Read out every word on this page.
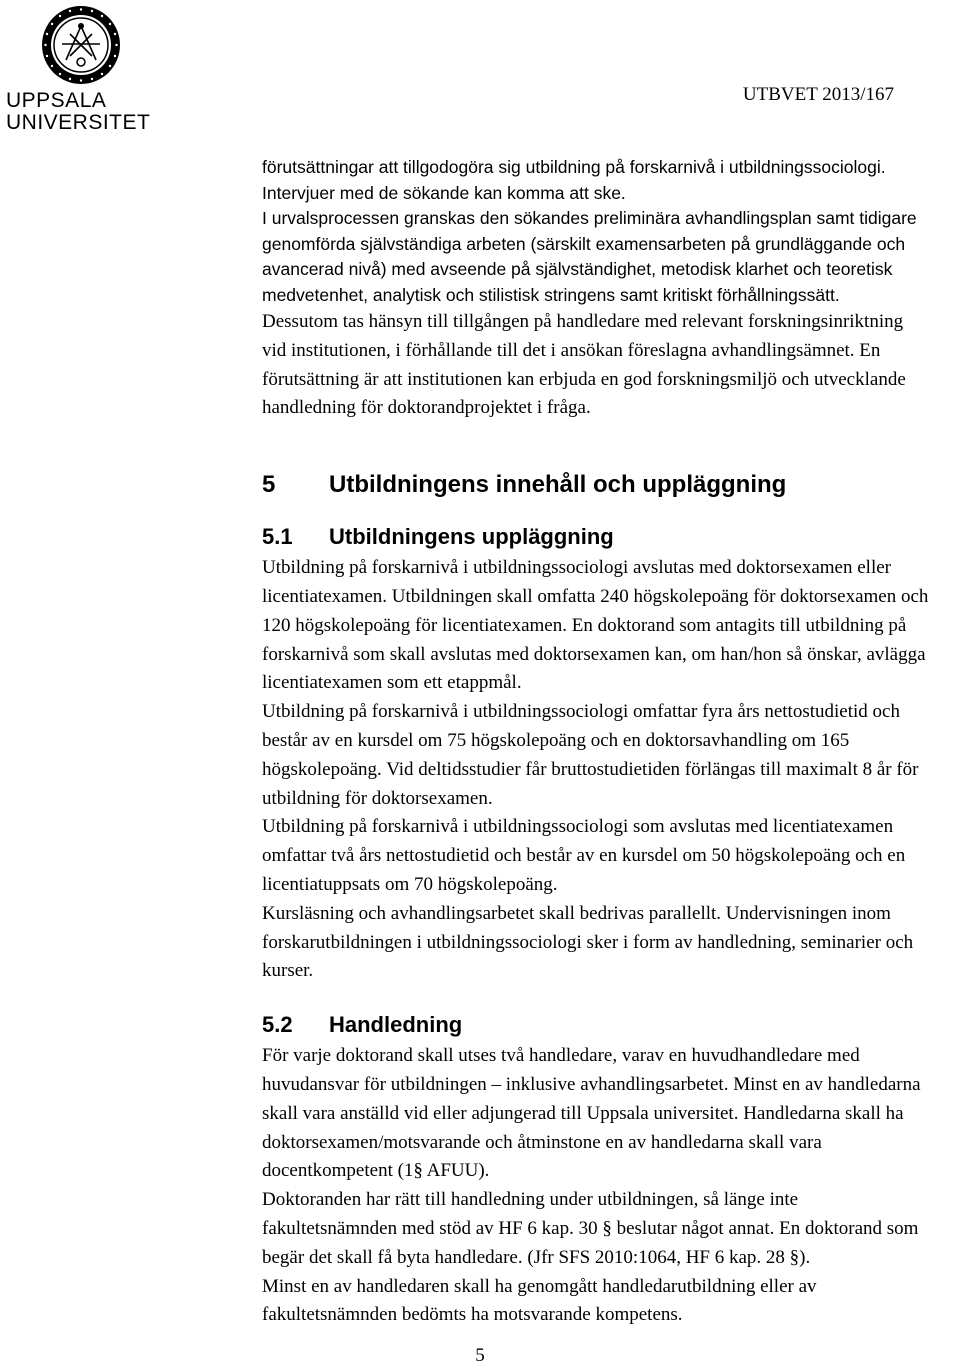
UPPSALA
UNIVERSITET
UTBVET 2013/167
förutsättningar att tillgodogöra sig utbildning på forskarnivå i utbildningssociologi. Intervjuer med de sökande kan komma att ske.
I urvalsprocessen granskas den sökandes preliminära avhandlingsplan samt tidigare genomförda självständiga arbeten (särskilt examensarbeten på grundläggande och avancerad nivå) med avseende på självständighet, metodisk klarhet och teoretisk medvetenhet, analytisk och stilistisk stringens samt kritiskt förhållningssätt.
Dessutom tas hänsyn till tillgången på handledare med relevant forskningsinriktning vid institutionen, i förhållande till det i ansökan föreslagna avhandlingsämnet. En förutsättning är att institutionen kan erbjuda en god forskningsmiljö och utvecklande handledning för doktorandprojektet i fråga.
5 Utbildningens innehåll och uppläggning
5.1 Utbildningens uppläggning
Utbildning på forskarnivå i utbildningssociologi avslutas med doktorsexamen eller licentiatexamen. Utbildningen skall omfatta 240 högskolepoäng för doktorsexamen och 120 högskolepoäng för licentiatexamen. En doktorand som antagits till utbildning på forskarnivå som skall avslutas med doktorsexamen kan, om han/hon så önskar, avlägga licentiatexamen som ett etappmål.
Utbildning på forskarnivå i utbildningssociologi omfattar fyra års nettostudietid och består av en kursdel om 75 högskolepoäng och en doktorsavhandling om 165 högskolepoäng. Vid deltidsstudier får bruttostudietiden förlängas till maximalt 8 år för utbildning för doktorsexamen.
Utbildning på forskarnivå i utbildningssociologi som avslutas med licentiatexamen omfattar två års nettostudietid och består av en kursdel om 50 högskolepoäng och en licentiatuppsats om 70 högskolepoäng.
Kursläsning och avhandlingsarbetet skall bedrivas parallellt. Undervisningen inom forskarutbildningen i utbildningssociologi sker i form av handledning, seminarier och kurser.
5.2 Handledning
För varje doktorand skall utses två handledare, varav en huvudhandledare med huvudansvar för utbildningen – inklusive avhandlingsarbetet. Minst en av handledarna skall vara anställd vid eller adjungerad till Uppsala universitet. Handledarna skall ha doktorsexamen/motsvarande och åtminstone en av handledarna skall vara docentkompetent (1§ AFUU).
Doktoranden har rätt till handledning under utbildningen, så länge inte fakultetsnämnden med stöd av HF 6 kap. 30 § beslutar något annat. En doktorand som begär det skall få byta handledare. (Jfr SFS 2010:1064, HF 6 kap. 28 §).
Minst en av handledaren skall ha genomgått handledarutbildning eller av fakultetsnämnden bedömts ha motsvarande kompetens.
5
